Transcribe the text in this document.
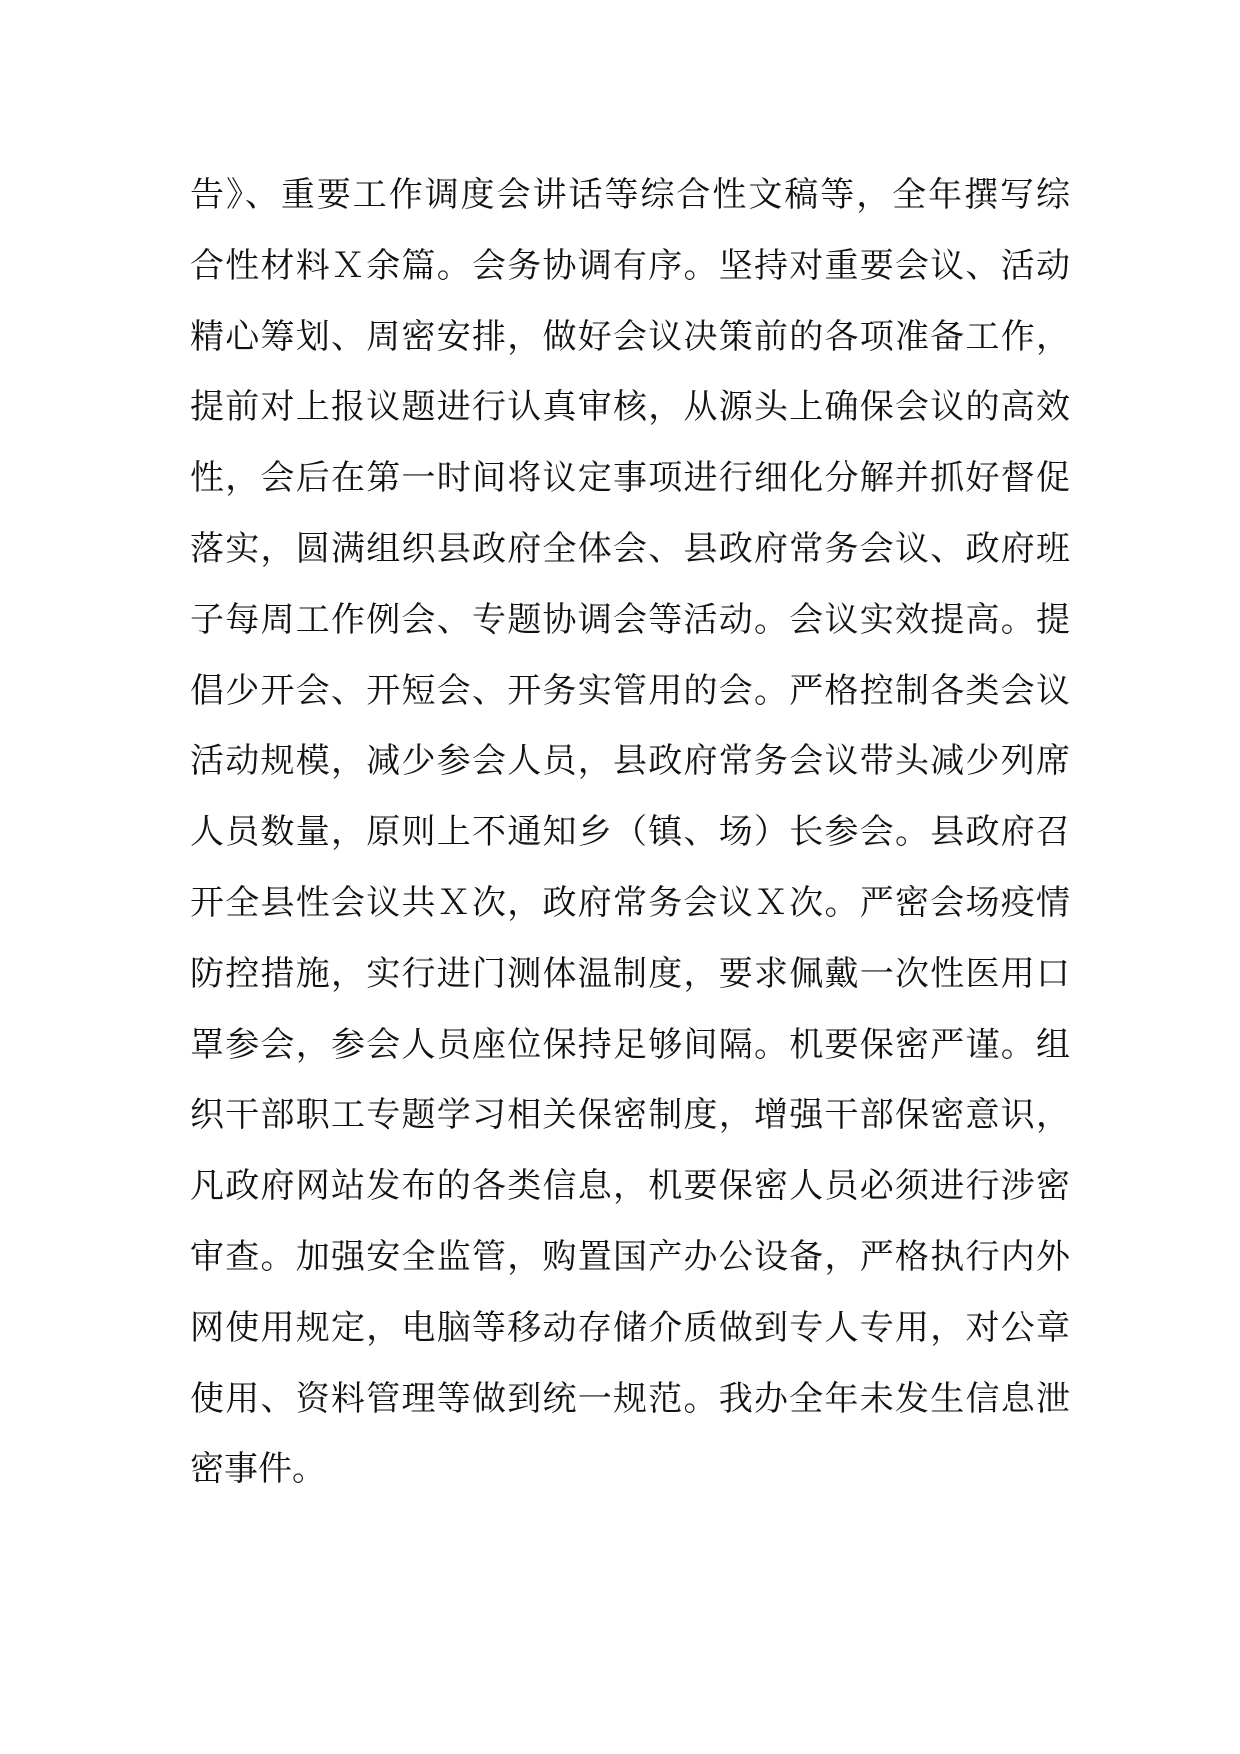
告》、重要工作调度会讲话等综合性文稿等，全年撰写综
合性材料Ｘ余篇。会务协调有序。坚持对重要会议、活动
精心筹划、周密安排，做好会议决策前的各项准备工作，
提前对上报议题进行认真审核，从源头上确保会议的高效
性，会后在第一时间将议定事项进行细化分解并抓好督促
落实，圆满组织县政府全体会、县政府常务会议、政府班
子每周工作例会、专题协调会等活动。会议实效提高。提
倡少开会、开短会、开务实管用的会。严格控制各类会议
活动规模，减少参会人员，县政府常务会议带头减少列席
人员数量，原则上不通知乡（镇、场）长参会。县政府召
开全县性会议共Ｘ次，政府常务会议Ｘ次。严密会场疫情
防控措施，实行进门测体温制度，要求佩戴一次性医用口
罩参会，参会人员座位保持足够间隔。机要保密严谨。组
织干部职工专题学习相关保密制度，增强干部保密意识，
凡政府网站发布的各类信息，机要保密人员必须进行涉密
审查。加强安全监管，购置国产办公设备，严格执行内外
网使用规定，电脑等移动存储介质做到专人专用，对公章
使用、资料管理等做到统一规范。我办全年未发生信息泄
密事件。
